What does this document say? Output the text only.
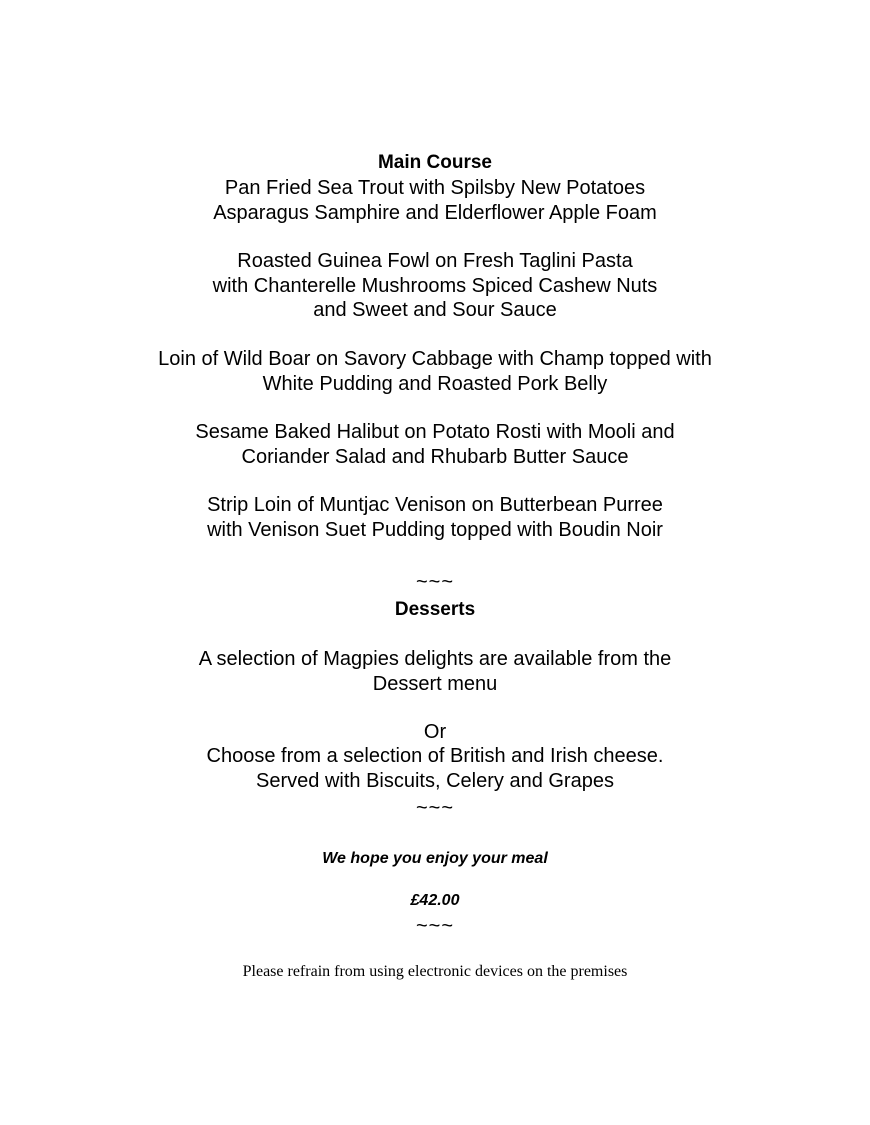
Main Course
Pan Fried Sea Trout with Spilsby New Potatoes
Asparagus Samphire and Elderflower Apple Foam
Roasted Guinea Fowl on Fresh Taglini Pasta
with Chanterelle Mushrooms Spiced Cashew Nuts
and Sweet and Sour Sauce
Loin of Wild Boar on Savory Cabbage with Champ topped with
White Pudding and Roasted Pork Belly
Sesame Baked Halibut on Potato Rosti with Mooli and
Coriander Salad and Rhubarb Butter Sauce
Strip Loin of Muntjac Venison on Butterbean Purree
with Venison Suet Pudding topped with Boudin Noir
~~~
Desserts
A selection of Magpies delights are available from the
Dessert menu
Or
Choose from a selection of British and Irish cheese.
Served with Biscuits, Celery and Grapes
~~~
We hope you enjoy your meal
£42.00
~~~
Please refrain from using electronic devices on the premises
